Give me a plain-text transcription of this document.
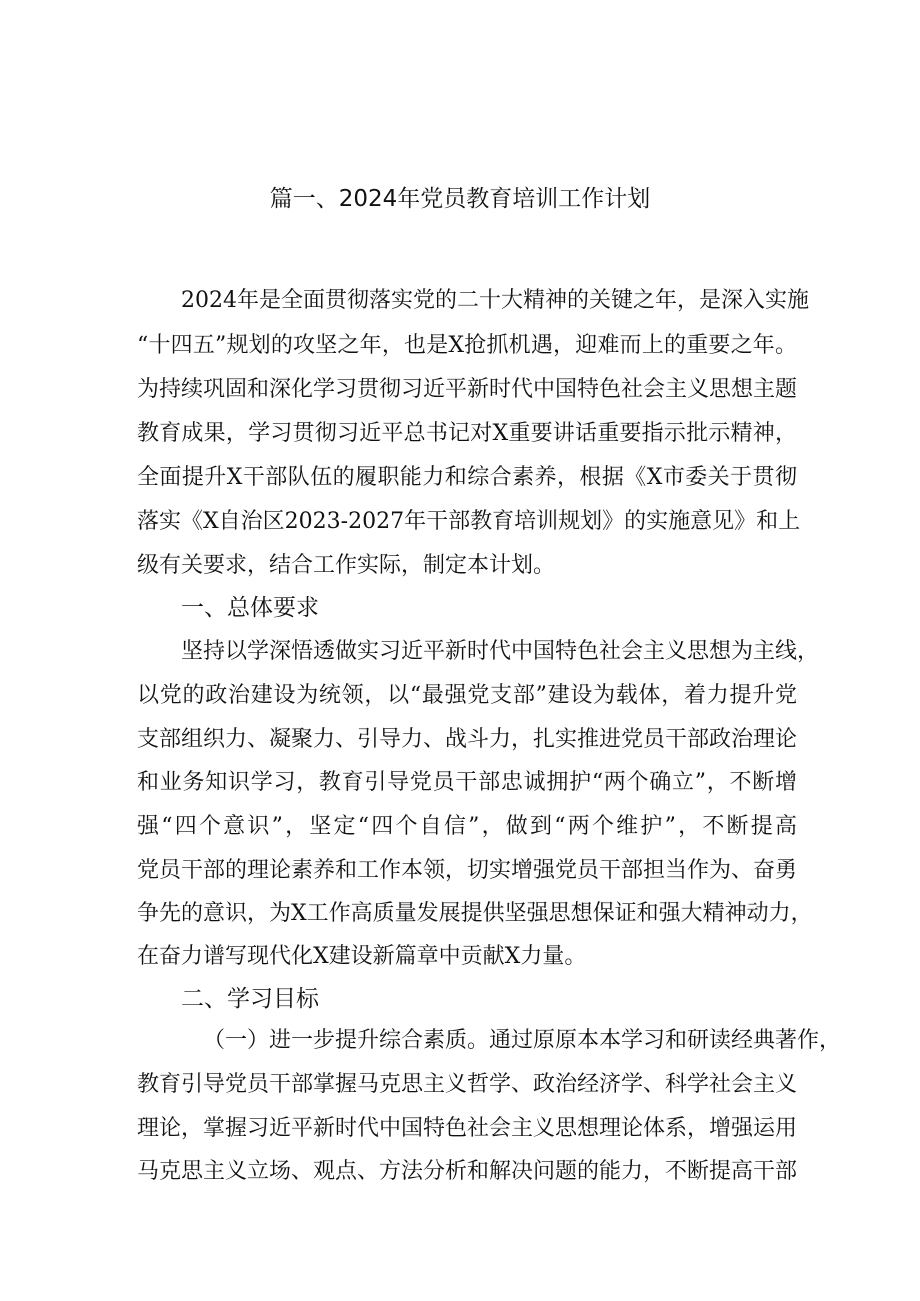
篇一、2024年党员教育培训工作计划
2024年是全面贯彻落实党的二十大精神的关键之年，是深入实施
“十四五”规划的攻坚之年，也是X抢抓机遇，迎难而上的重要之年。
为持续巩固和深化学习贯彻习近平新时代中国特色社会主义思想主题
教育成果，学习贯彻习近平总书记对X重要讲话重要指示批示精神，
全面提升X干部队伍的履职能力和综合素养，根据《X市委关于贯彻
落实《X自治区2023-2027年干部教育培训规划》的实施意见》和上
级有关要求，结合工作实际，制定本计划。
一、总体要求
坚持以学深悟透做实习近平新时代中国特色社会主义思想为主线，
以党的政治建设为统领，以“最强党支部”建设为载体，着力提升党
支部组织力、凝聚力、引导力、战斗力，扎实推进党员干部政治理论
和业务知识学习，教育引导党员干部忠诚拥护“两个确立”，不断增
强“四个意识”，坚定“四个自信”，做到“两个维护”，不断提高
党员干部的理论素养和工作本领，切实增强党员干部担当作为、奋勇
争先的意识，为X工作高质量发展提供坚强思想保证和强大精神动力，
在奋力谱写现代化X建设新篇章中贡献X力量。
二、学习目标
（一）进一步提升综合素质。通过原原本本学习和研读经典著作，
教育引导党员干部掌握马克思主义哲学、政治经济学、科学社会主义
理论，掌握习近平新时代中国特色社会主义思想理论体系，增强运用
马克思主义立场、观点、方法分析和解决问题的能力，不断提高干部
